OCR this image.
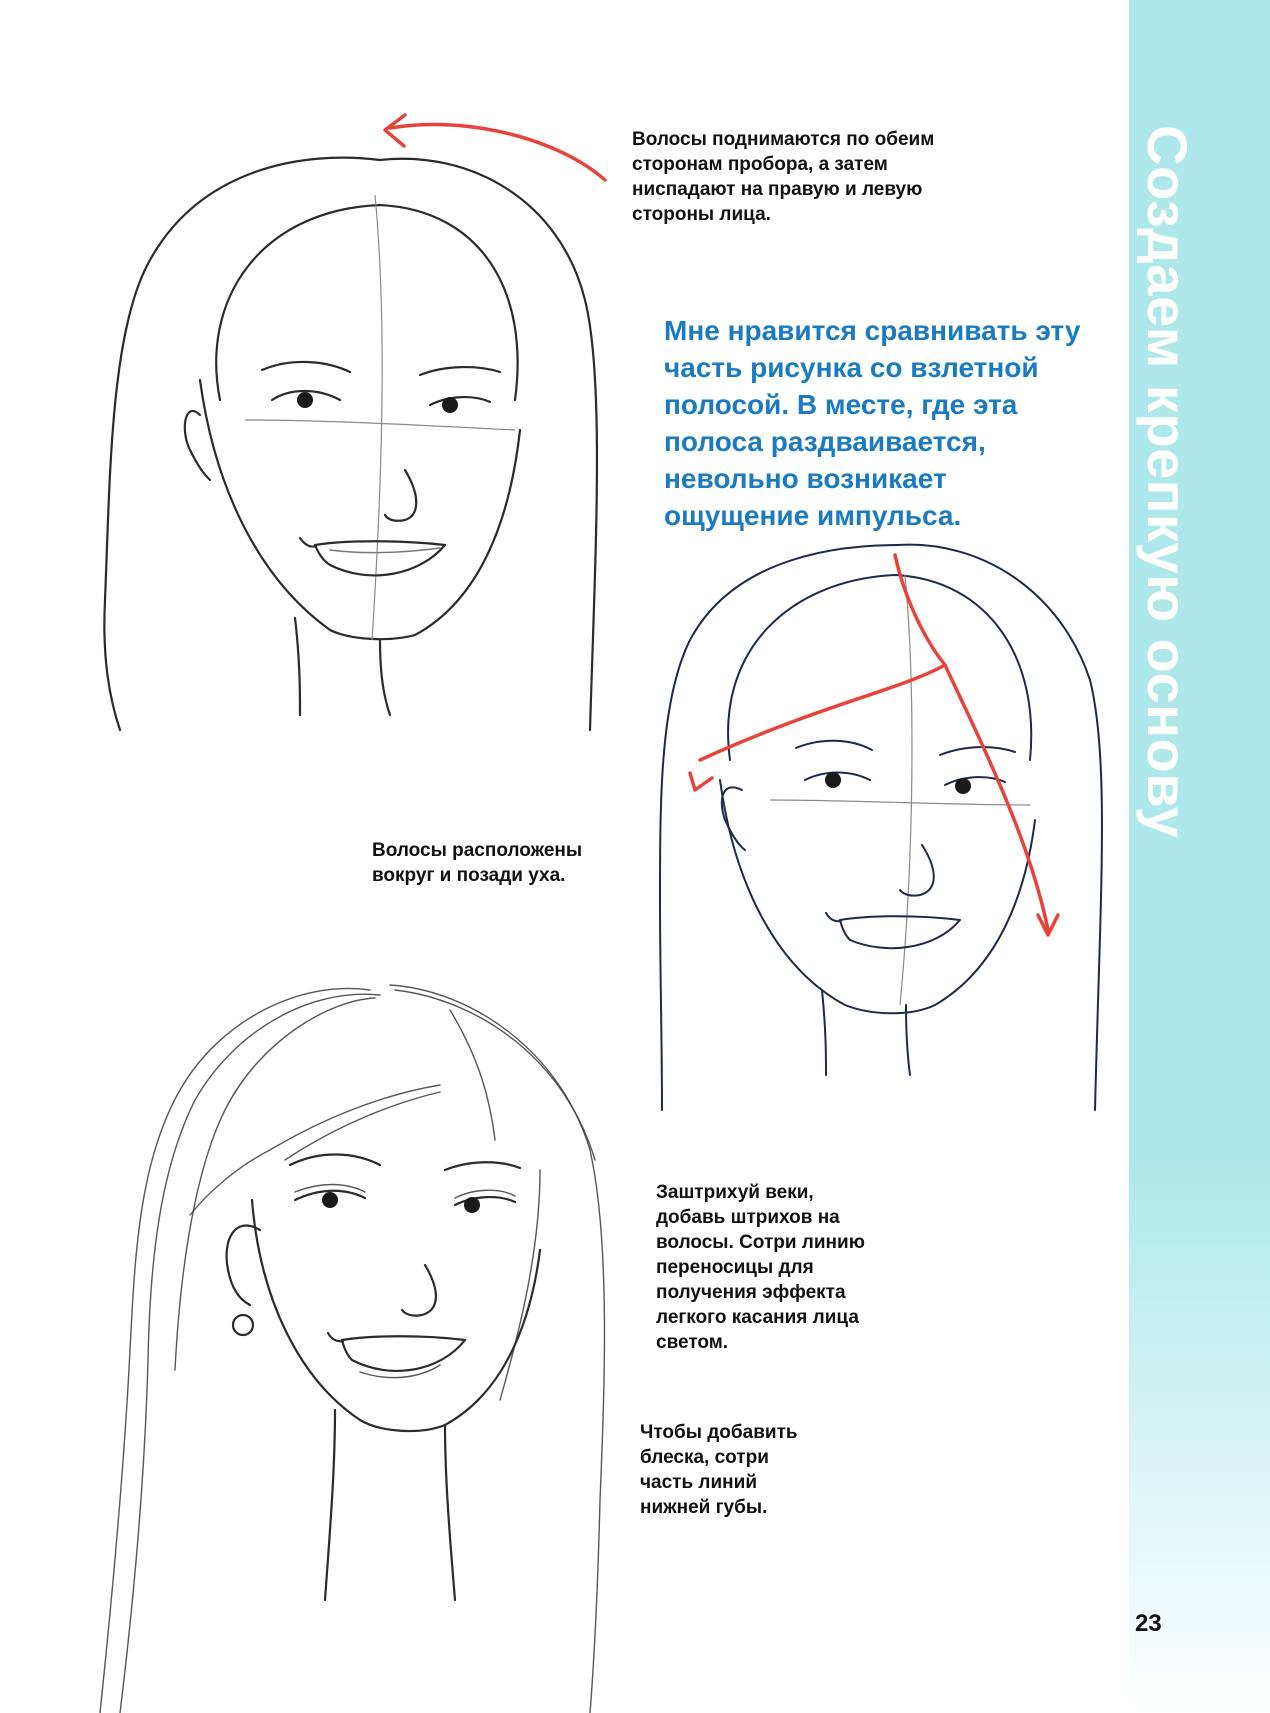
Создаем крепкую основу
Волосы поднимаются по обеим сторонам пробора, а затем ниспадают на правую и левую стороны лица.
Мне нравится сравнивать эту часть рисунка со взлетной полосой. В месте, где эта полоса раздваивается, невольно возникает ощущение импульса.
Волосы расположены вокруг и позади уха.
Заштрихуй веки, добавь штрихов на волосы. Сотри линию переносицы для получения эффекта легкого касания лица светом.
Чтобы добавить блеска, сотри часть линий нижней губы.
23
